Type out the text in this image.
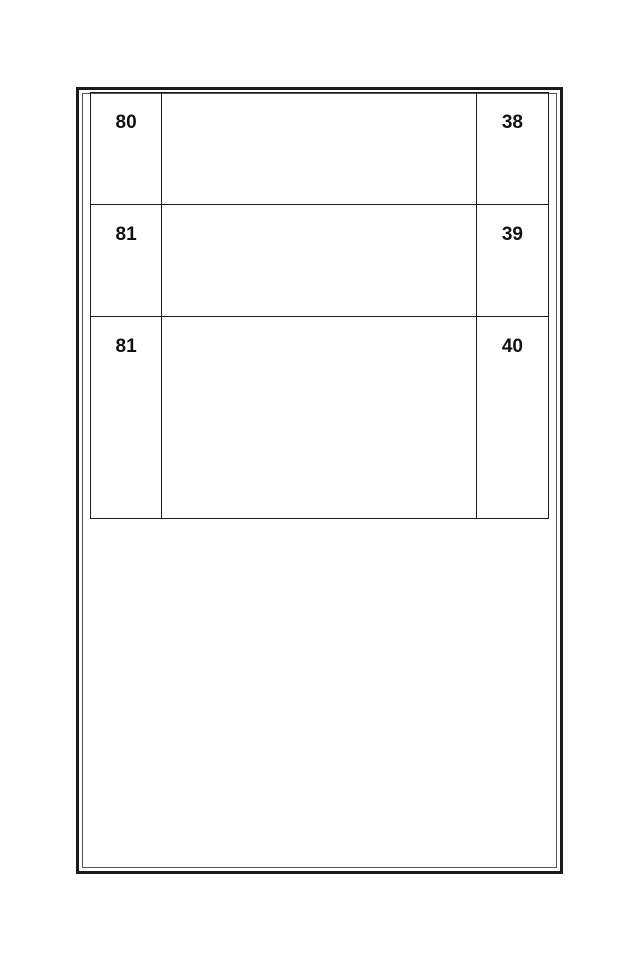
80		38
81		39
81		40
